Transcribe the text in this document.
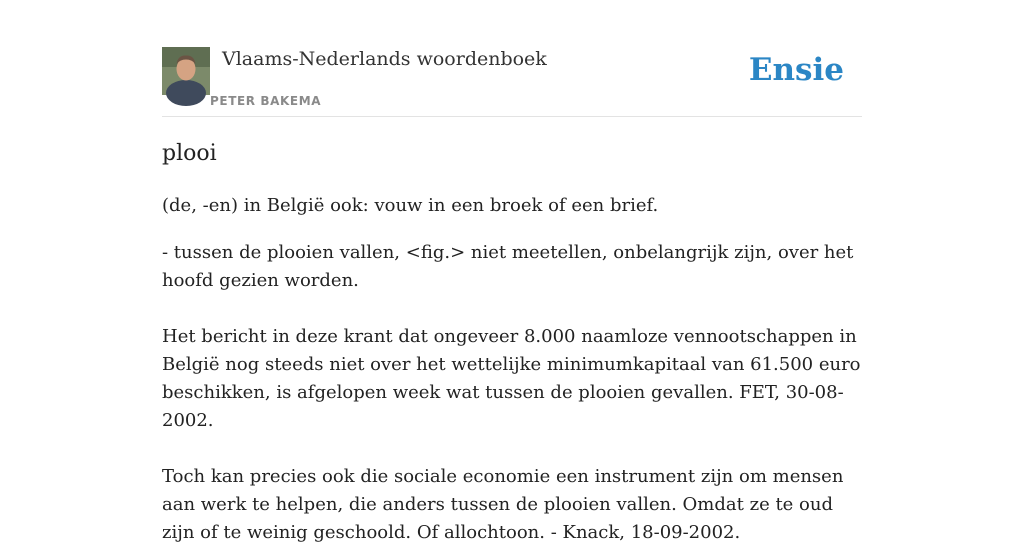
Vlaams-Nederlands woordenboek
PETER BAKEMA
Ensie
plooi

(de, -en) in België ook: vouw in een broek of een brief.

- tussen de plooien vallen, <fig.> niet meetellen, onbelangrijk zijn, over het hoofd gezien worden.

Het bericht in deze krant dat ongeveer 8.000 naamloze vennootschappen in België nog steeds niet over het wettelijke minimumkapitaal van 61.500 euro beschikken, is afgelopen week wat tussen de plooien gevallen. FET, 30-08-2002.

Toch kan precies ook die sociale economie een instrument zijn om mensen aan werk te helpen, die anders tussen de plooien vallen. Omdat ze te oud zijn of te weinig geschoold. Of allochtoon. - Knack, 18-09-2002.
